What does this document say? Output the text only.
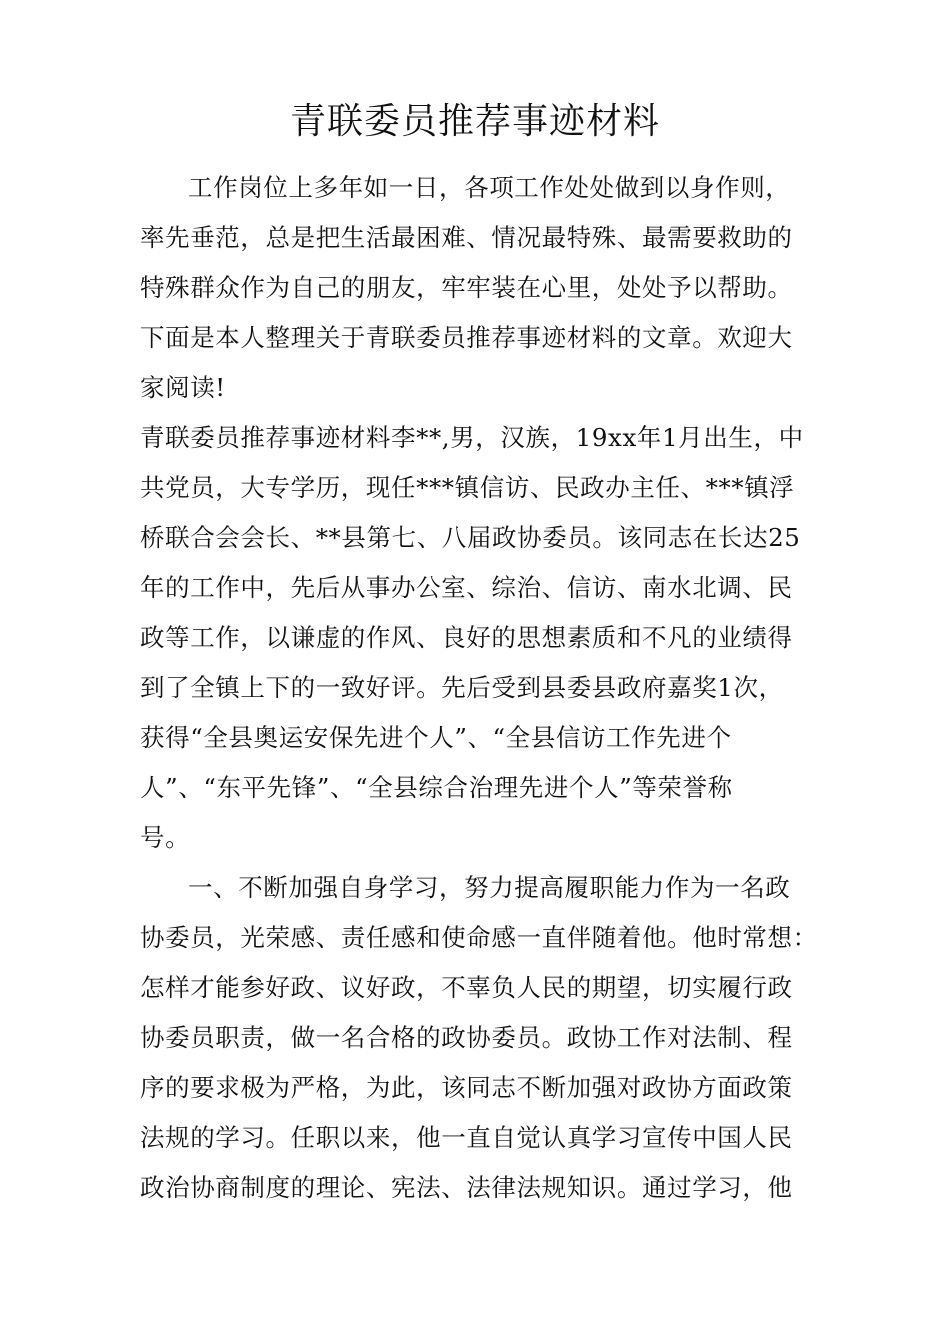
青联委员推荐事迹材料
工作岗位上多年如一日，各项工作处处做到以身作则，
率先垂范，总是把生活最困难、情况最特殊、最需要救助的
特殊群众作为自己的朋友，牢牢装在心里，处处予以帮助。
下面是本人整理关于青联委员推荐事迹材料的文章。欢迎大
家阅读!
青联委员推荐事迹材料李**,男，汉族，19xx年1月出生，中
共党员，大专学历，现任***镇信访、民政办主任、***镇浮
桥联合会会长、**县第七、八届政协委员。该同志在长达25
年的工作中，先后从事办公室、综治、信访、南水北调、民
政等工作，以谦虚的作风、良好的思想素质和不凡的业绩得
到了全镇上下的一致好评。先后受到县委县政府嘉奖1次，
获得“全县奥运安保先进个人”、“全县信访工作先进个
人”、“东平先锋”、“全县综合治理先进个人”等荣誉称
号。
一、不断加强自身学习，努力提高履职能力作为一名政
协委员，光荣感、责任感和使命感一直伴随着他。他时常想：
怎样才能参好政、议好政，不辜负人民的期望，切实履行政
协委员职责，做一名合格的政协委员。政协工作对法制、程
序的要求极为严格，为此，该同志不断加强对政协方面政策
法规的学习。任职以来，他一直自觉认真学习宣传中国人民
政治协商制度的理论、宪法、法律法规知识。通过学习，他
